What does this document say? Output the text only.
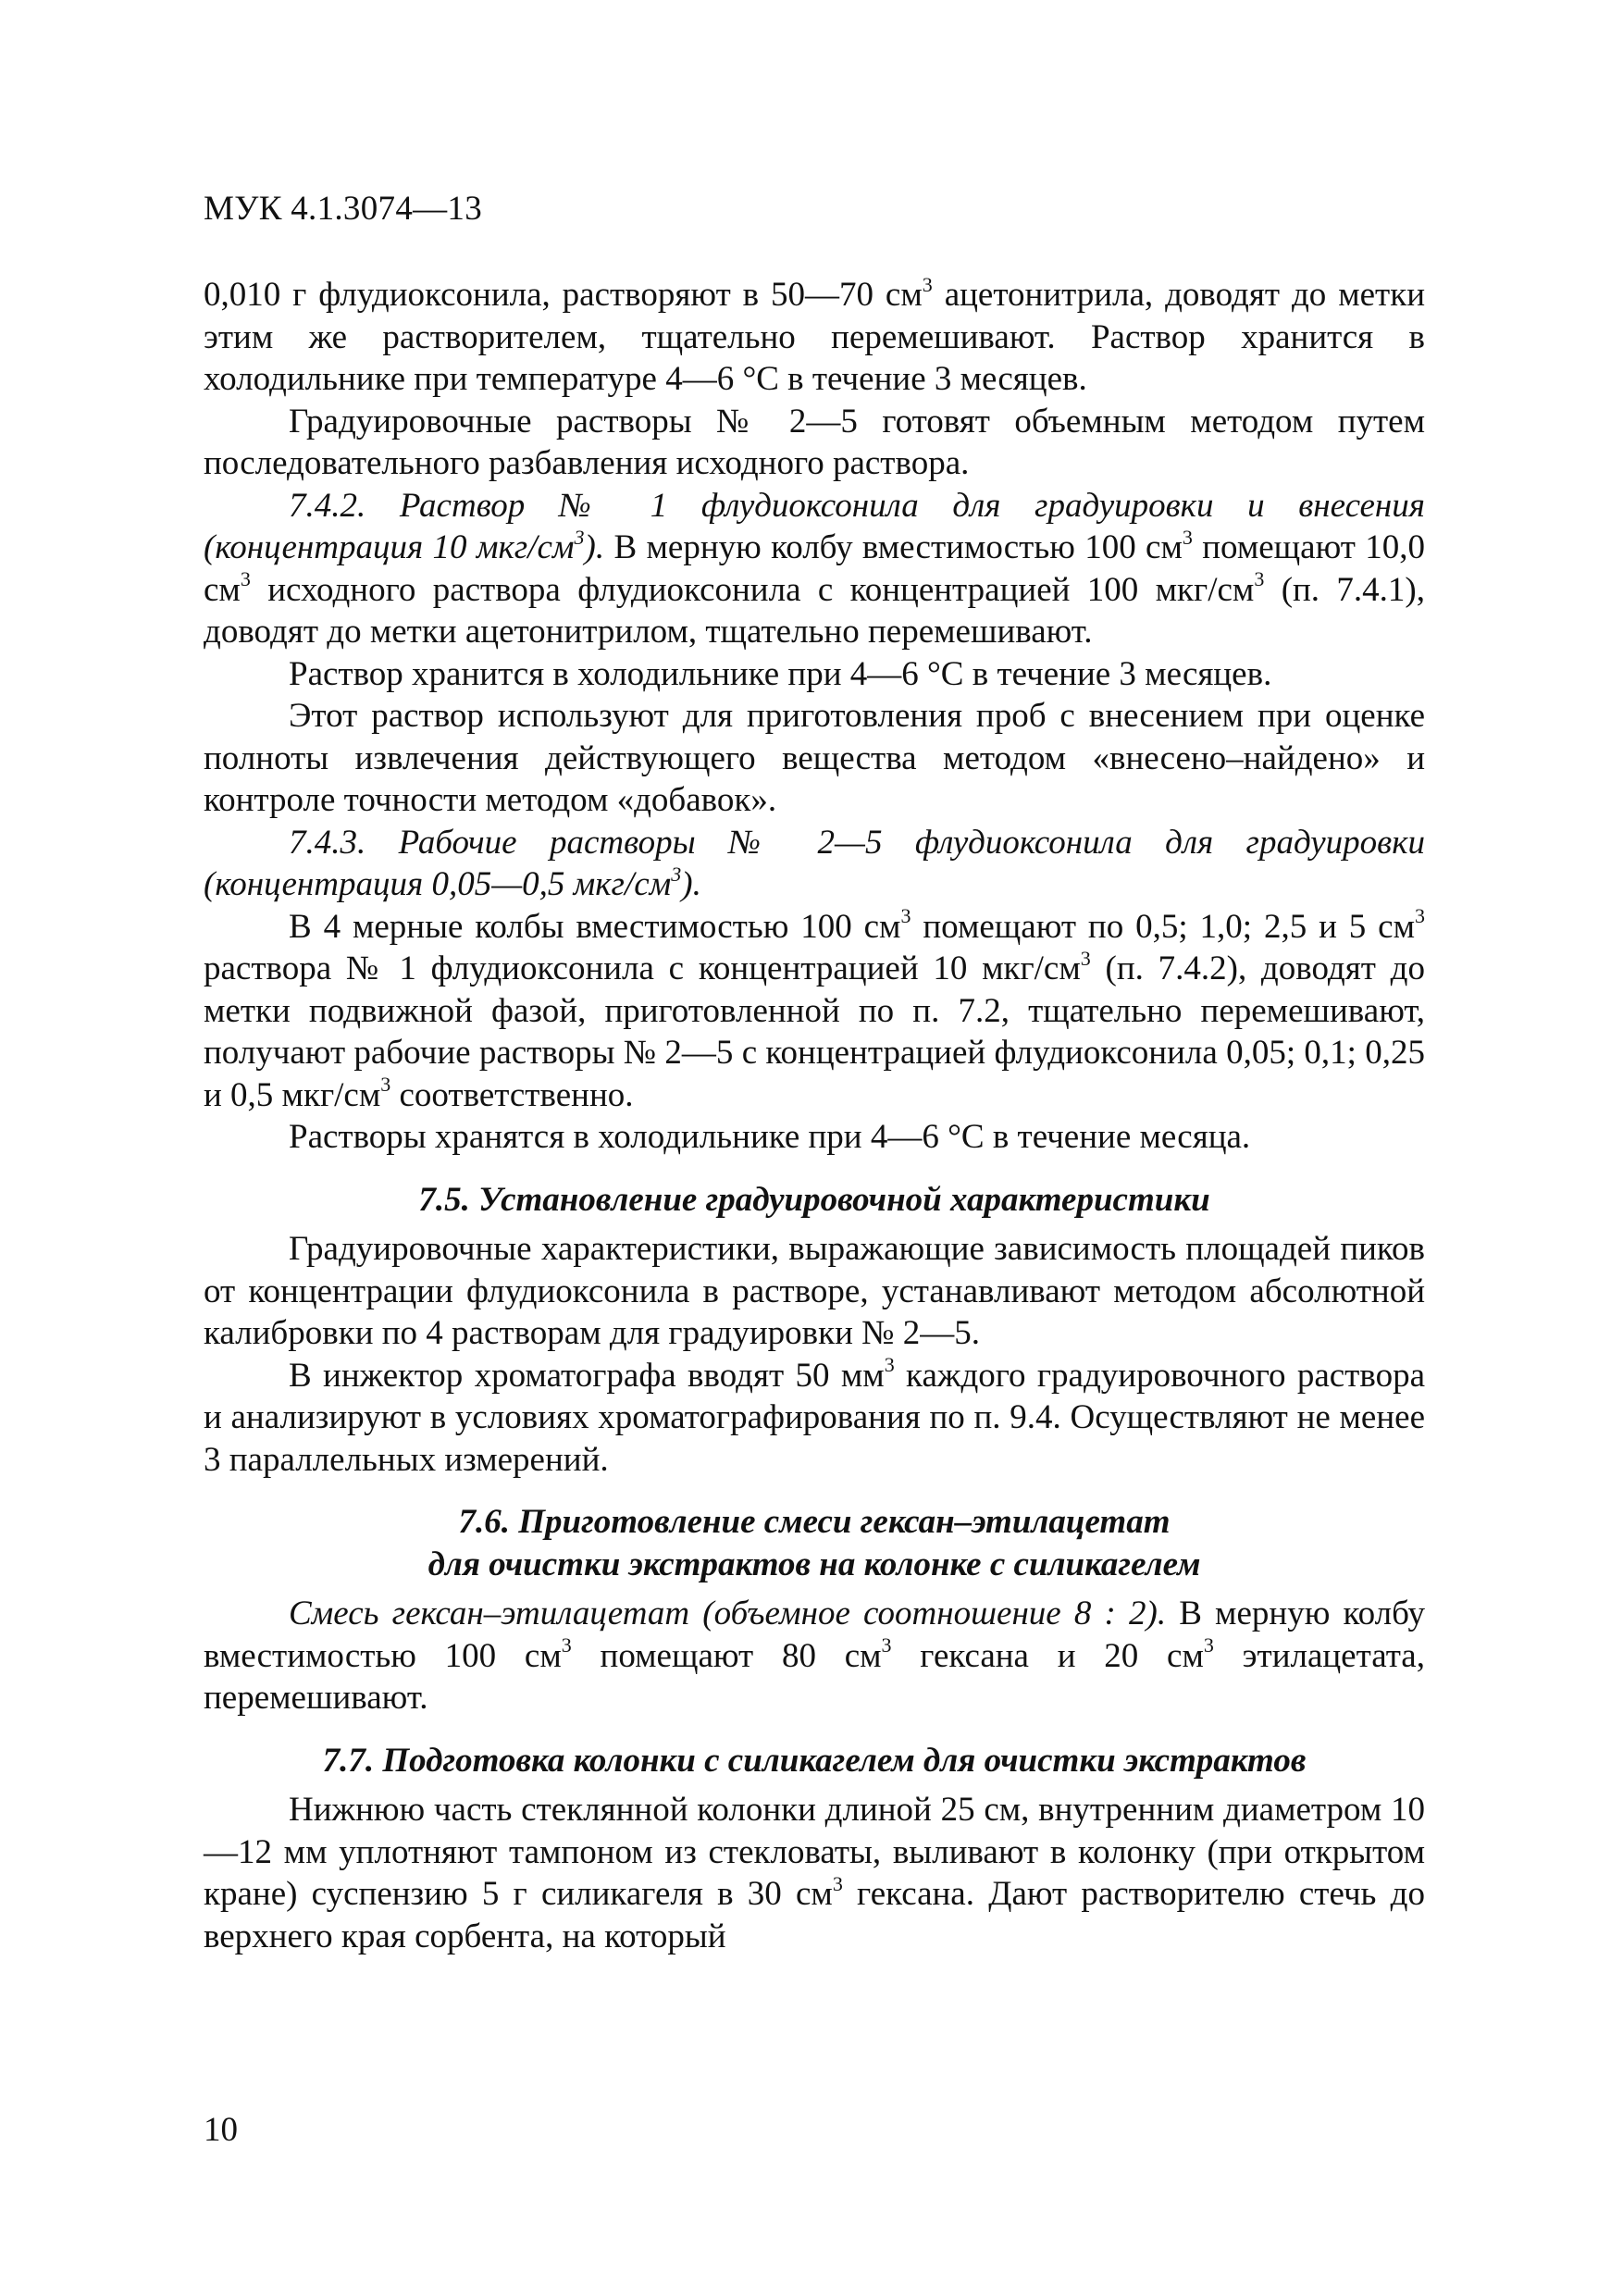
МУК 4.1.3074—13

0,010 г флудиоксонила, растворяют в 50—70 $см^3$ ацетонитрила, доводят до метки этим же растворителем, тщательно перемешивают. Раствор хранится в холодильнике при температуре 4—6 °C в течение 3 месяцев.

Градуировочные растворы № 2—5 готовят объемным методом путем последовательного разбавления исходного раствора.

7.4.2. Раствор № 1 флудиоксонила для градуировки и внесения (концентрация 10 мкг/$см^3$). В мерную колбу вместимостью 100 $см^3$ помещают 10,0 $см^3$ исходного раствора флудиоксонила с концентрацией 100 мкг/$см^3$ (п. 7.4.1), доводят до метки ацетонитрилом, тщательно перемешивают.

Раствор хранится в холодильнике при 4—6 °C в течение 3 месяцев.

Этот раствор используют для приготовления проб с внесением при оценке полноты извлечения действующего вещества методом «внесено–найдено» и контроле точности методом «добавок».

7.4.3. Рабочие растворы № 2—5 флудиоксонила для градуировки (концентрация 0,05—0,5 мкг/$см^3$).

В 4 мерные колбы вместимостью 100 $см^3$ помещают по 0,5; 1,0; 2,5 и 5 $см^3$ раствора № 1 флудиоксонила с концентрацией 10 мкг/$см^3$ (п. 7.4.2), доводят до метки подвижной фазой, приготовленной по п. 7.2, тщательно перемешивают, получают рабочие растворы № 2—5 с концентрацией флудиоксонила 0,05; 0,1; 0,25 и 0,5 мкг/$см^3$ соответственно.

Растворы хранятся в холодильнике при 4—6 °C в течение месяца.

7.5. Установление градуировочной характеристики

Градуировочные характеристики, выражающие зависимость площадей пиков от концентрации флудиоксонила в растворе, устанавливают методом абсолютной калибровки по 4 растворам для градуировки № 2—5.

В инжектор хроматографа вводят 50 $мм^3$ каждого градуировочного раствора и анализируют в условиях хроматографирования по п. 9.4. Осуществляют не менее 3 параллельных измерений.

7.6. Приготовление смеси гексан–этилацетат
для очистки экстрактов на колонке с силикагелем

Смесь гексан–этилацетат (объемное соотношение 8 : 2). В мерную колбу вместимостью 100 $см^3$ помещают 80 $см^3$ гексана и 20 $см^3$ этилацетата, перемешивают.

7.7. Подготовка колонки с силикагелем для очистки экстрактов

Нижнюю часть стеклянной колонки длиной 25 см, внутренним диаметром 10—12 мм уплотняют тампоном из стекловаты, выливают в колонку (при открытом кране) суспензию 5 г силикагеля в 30 $см^3$ гексана. Дают растворителю стечь до верхнего края сорбента, на который

10
